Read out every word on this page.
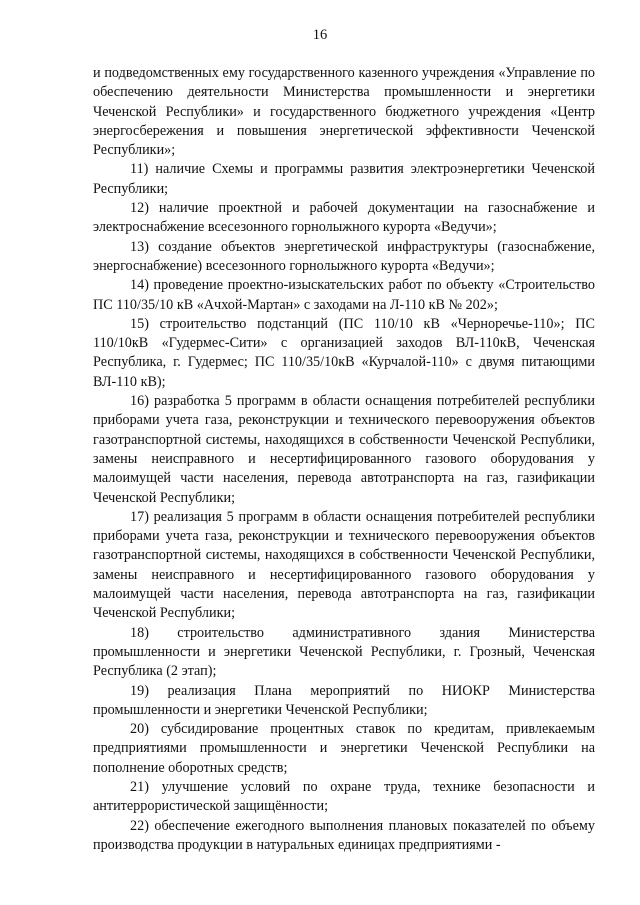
16

и подведомственных ему государственного казенного учреждения «Управление по обеспечению деятельности Министерства промышленности и энергетики Чеченской Республики» и государственного бюджетного учреждения «Центр энергосбережения и повышения энергетической эффективности Чеченской Республики»;

11) наличие Схемы и программы развития электроэнергетики Чеченской Республики;

12) наличие проектной и рабочей документации на газоснабжение и электроснабжение всесезонного горнолыжного курорта «Ведучи»;

13) создание объектов энергетической инфраструктуры (газоснабжение, энергоснабжение) всесезонного горнолыжного курорта «Ведучи»;

14) проведение проектно-изыскательских работ по объекту «Строительство ПС 110/35/10 кВ «Ачхой-Мартан» с заходами на Л-110 кВ № 202»;

15) строительство подстанций (ПС 110/10 кВ «Черноречье-110»; ПС 110/10кВ «Гудермес-Сити» с организацией заходов ВЛ-110кВ, Чеченская Республика, г. Гудермес; ПС 110/35/10кВ «Курчалой-110» с двумя питающими ВЛ-110 кВ);

16) разработка 5 программ в области оснащения потребителей республики приборами учета газа, реконструкции и технического перевооружения объектов газотранспортной системы, находящихся в собственности Чеченской Республики, замены неисправного и несертифицированного газового оборудования у малоимущей части населения, перевода автотранспорта на газ, газификации Чеченской Республики;

17) реализация 5 программ в области оснащения потребителей республики приборами учета газа, реконструкции и технического перевооружения объектов газотранспортной системы, находящихся в собственности Чеченской Республики, замены неисправного и несертифицированного газового оборудования у малоимущей части населения, перевода автотранспорта на газ, газификации Чеченской Республики;

18) строительство административного здания Министерства промышленности и энергетики Чеченской Республики, г. Грозный, Чеченская Республика (2 этап);

19) реализация Плана мероприятий по НИОКР Министерства промышленности и энергетики Чеченской Республики;

20) субсидирование процентных ставок по кредитам, привлекаемым предприятиями промышленности и энергетики Чеченской Республики на пополнение оборотных средств;

21) улучшение условий по охране труда, технике безопасности и антитеррористической защищённости;

22) обеспечение ежегодного выполнения плановых показателей по объему производства продукции в натуральных единицах предприятиями -
